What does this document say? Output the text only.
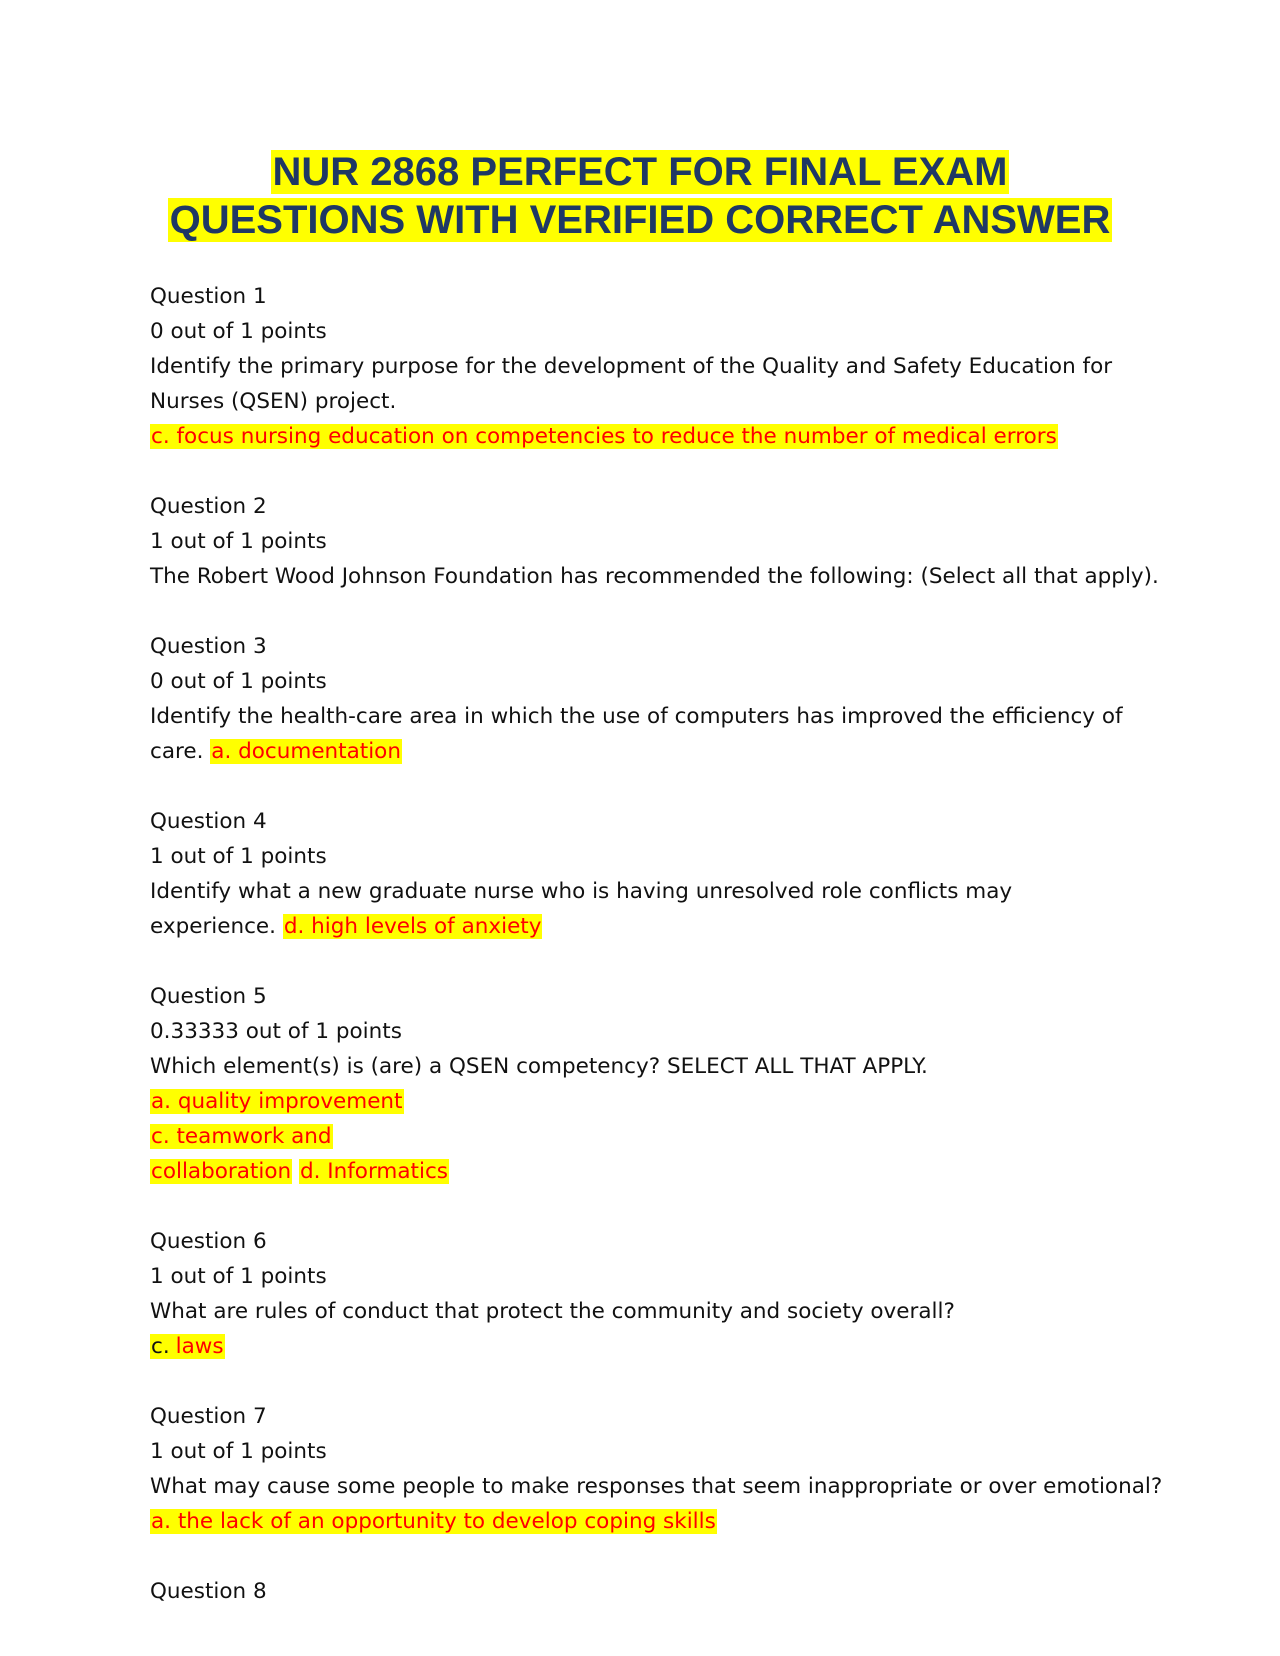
NUR 2868 PERFECT FOR FINAL EXAM
QUESTIONS WITH VERIFIED CORRECT ANSWER
Question 1
0 out of 1 points
Identify the primary purpose for the development of the Quality and Safety Education for
Nurses (QSEN) project.
c. focus nursing education on competencies to reduce the number of medical errors
Question 2
1 out of 1 points
The Robert Wood Johnson Foundation has recommended the following: (Select all that apply).
Question 3
0 out of 1 points
Identify the health-care area in which the use of computers has improved the efficiency of
care. a. documentation
Question 4
1 out of 1 points
Identify what a new graduate nurse who is having unresolved role conflicts may
experience. d. high levels of anxiety
Question 5
0.33333 out of 1 points
Which element(s) is (are) a QSEN competency? SELECT ALL THAT APPLY.
a. quality improvement
c. teamwork and
collaboration d. Informatics
Question 6
1 out of 1 points
What are rules of conduct that protect the community and society overall?
c. laws
Question 7
1 out of 1 points
What may cause some people to make responses that seem inappropriate or over emotional?
a. the lack of an opportunity to develop coping skills
Question 8
